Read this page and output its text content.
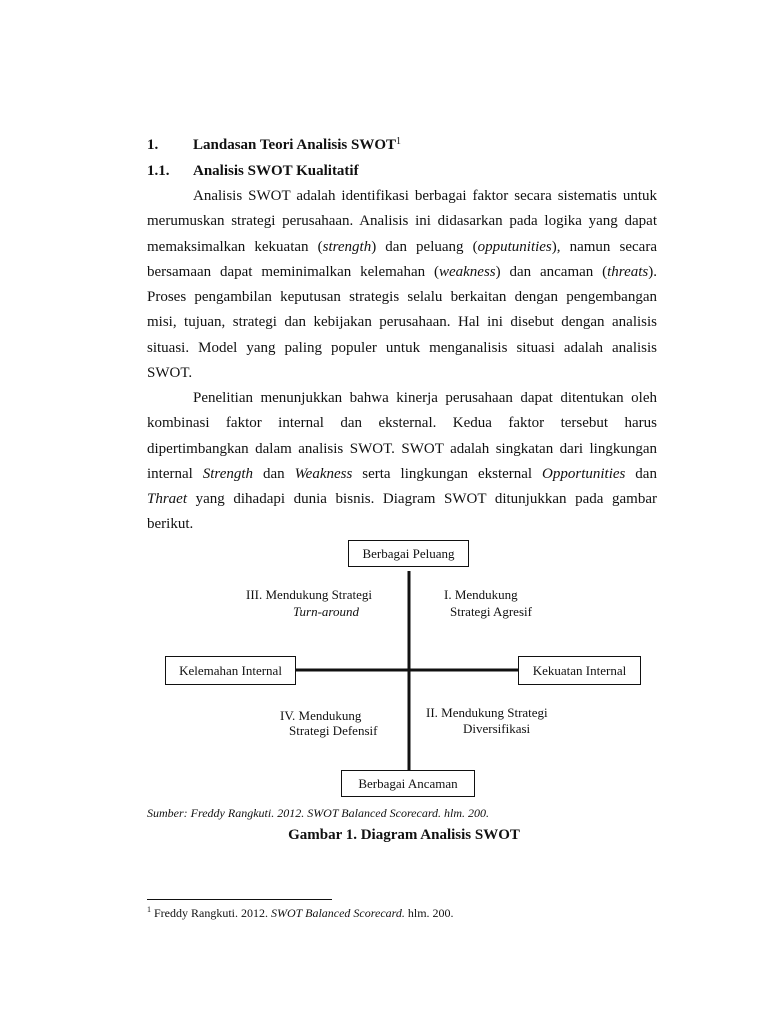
1. Landasan Teori Analisis SWOT$^1$
1.1. Analisis SWOT Kualitatif
Analisis SWOT adalah identifikasi berbagai faktor secara sistematis untuk
merumuskan strategi perusahaan. Analisis ini didasarkan pada logika yang dapat
memaksimalkan kekuatan (strength) dan peluang (opputunities), namun secara
bersamaan dapat meminimalkan kelemahan (weakness) dan ancaman (threats).
Proses pengambilan keputusan strategis selalu berkaitan dengan pengembangan
misi, tujuan, strategi dan kebijakan perusahaan. Hal ini disebut dengan analisis
situasi. Model yang paling populer untuk menganalisis situasi adalah analisis
SWOT.
Penelitian menunjukkan bahwa kinerja perusahaan dapat ditentukan oleh
kombinasi faktor internal dan eksternal. Kedua faktor tersebut harus
dipertimbangkan dalam analisis SWOT. SWOT adalah singkatan dari lingkungan
internal Strength dan Weakness serta lingkungan eksternal Opportunities dan
Thraet yang dihadapi dunia bisnis. Diagram SWOT ditunjukkan pada gambar
berikut.
Berbagai Peluang
Berbagai Ancaman
Kelemahan Internal	Kekuatan Internal
III. Mendukung Strategi
Turn-around
I. Mendukung
Strategi Agresif
IV. Mendukung
Strategi Defensif
II. Mendukung Strategi
Diversifikasi
Sumber: Freddy Rangkuti. 2012. SWOT Balanced Scorecard. hlm. 200.
Gambar 1. Diagram Analisis SWOT
$^1$ Freddy Rangkuti. 2012. SWOT Balanced Scorecard. hlm. 200.
